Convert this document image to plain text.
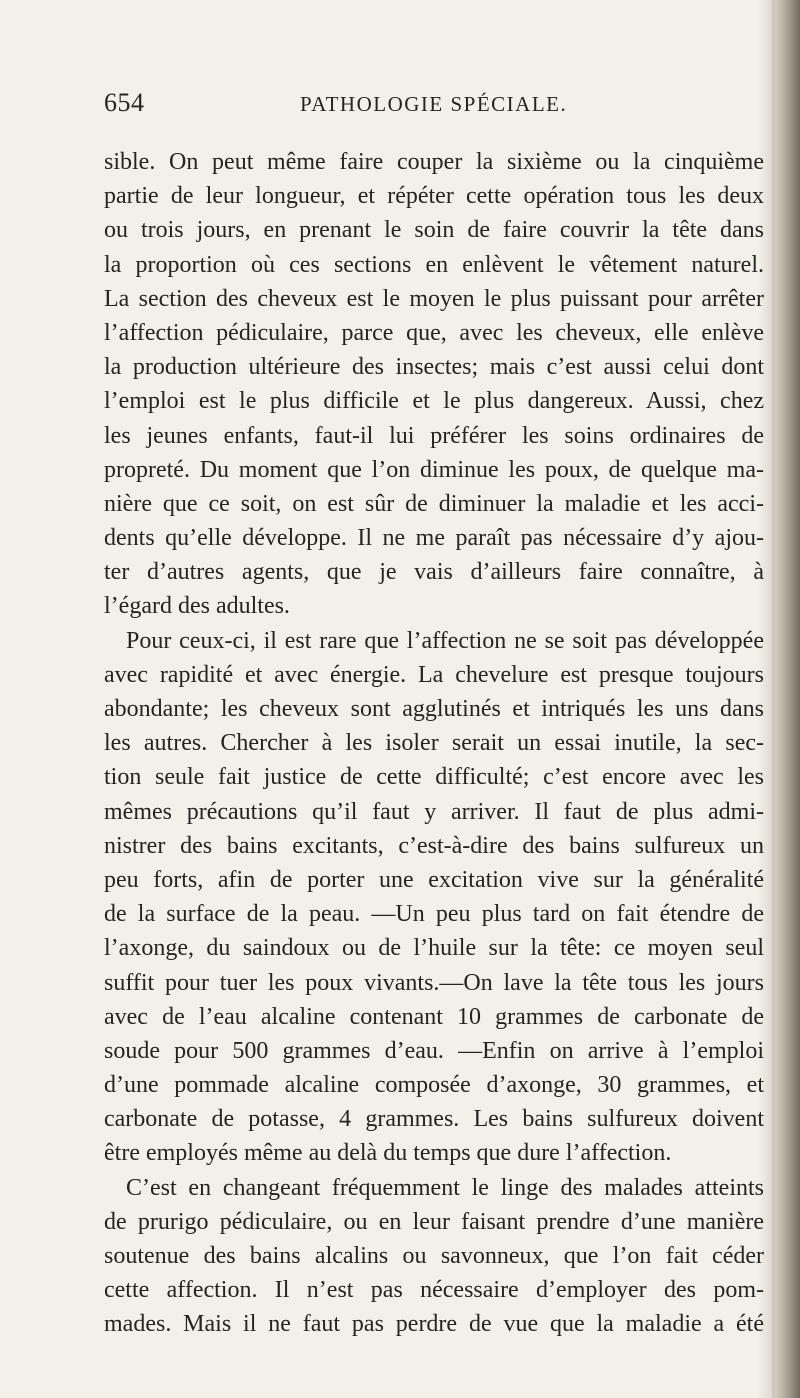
654	PATHOLOGIE SPÉCIALE.
sible. On peut même faire couper la sixième ou la cinquième
partie de leur longueur, et répéter cette opération tous les deux
ou trois jours, en prenant le soin de faire couvrir la tête dans
la proportion où ces sections en enlèvent le vêtement naturel.
La section des cheveux est le moyen le plus puissant pour arrêter
l’affection pédiculaire, parce que, avec les cheveux, elle enlève
la production ultérieure des insectes; mais c’est aussi celui dont
l’emploi est le plus difficile et le plus dangereux. Aussi, chez
les jeunes enfants, faut-il lui préférer les soins ordinaires de
propreté. Du moment que l’on diminue les poux, de quelque ma-
nière que ce soit, on est sûr de diminuer la maladie et les acci-
dents qu’elle développe. Il ne me paraît pas nécessaire d’y ajou-
ter d’autres agents, que je vais d’ailleurs faire connaître, à
l’égard des adultes.
Pour ceux-ci, il est rare que l’affection ne se soit pas développée
avec rapidité et avec énergie. La chevelure est presque toujours
abondante; les cheveux sont agglutinés et intriqués les uns dans
les autres. Chercher à les isoler serait un essai inutile, la sec-
tion seule fait justice de cette difficulté; c’est encore avec les
mêmes précautions qu’il faut y arriver. Il faut de plus admi-
nistrer des bains excitants, c’est-à-dire des bains sulfureux un
peu forts, afin de porter une excitation vive sur la généralité
de la surface de la peau. —Un peu plus tard on fait étendre de
l’axonge, du saindoux ou de l’huile sur la tête: ce moyen seul
suffit pour tuer les poux vivants.—On lave la tête tous les jours
avec de l’eau alcaline contenant 10 grammes de carbonate de
soude pour 500 grammes d’eau. —Enfin on arrive à l’emploi
d’une pommade alcaline composée d’axonge, 30 grammes, et
carbonate de potasse, 4 grammes. Les bains sulfureux doivent
être employés même au delà du temps que dure l’affection.
C’est en changeant fréquemment le linge des malades atteints
de prurigo pédiculaire, ou en leur faisant prendre d’une manière
soutenue des bains alcalins ou savonneux, que l’on fait céder
cette affection. Il n’est pas nécessaire d’employer des pom-
mades. Mais il ne faut pas perdre de vue que la maladie a été
